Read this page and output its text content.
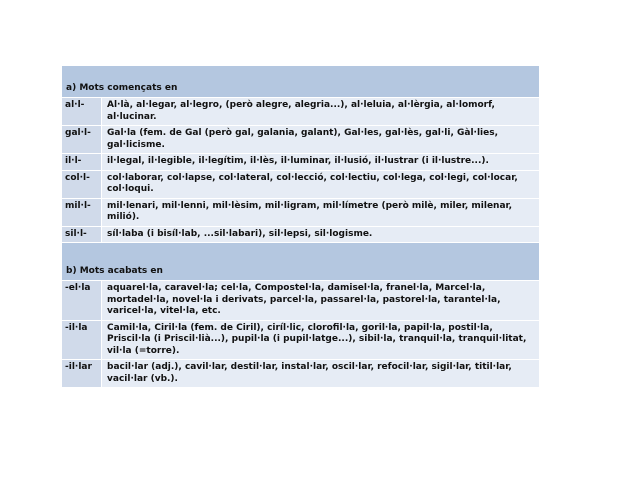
a) Mots començats en
al·l-	Al·là, al·legar, al·legro, (però alegre, alegria...), al·leluia, al·lèrgia, al·lomorf, al·lucinar.
gal·l-	Gal·la (fem. de Gal (però gal, galania, galant), Gal·les, gal·lès, gal·li, Gàl·lies, gal·licisme.
il·l-	il·legal, il·legible, il·legítim, il·lès, il·luminar, il·lusió, il·lustrar (i il·lustre...).
col·l-	col·laborar, col·lapse, col·lateral, col·lecció, col·lectiu, col·lega, col·legi, col·locar, col·loqui.
mil·l-	mil·lenari, mil·lenni, mil·lèsim, mil·ligram, mil·límetre (però milè, miler, milenar, milió).
sil·l-	síl·laba (i bisíl·lab, ...sil·labari), sil·lepsi, sil·logisme.
b) Mots acabats en
-el·la	aquarel·la, caravel·la; cel·la, Compostel·la, damisel·la, franel·la, Marcel·la, mortadel·la, novel·la i derivats, parcel·la, passarel·la, pastorel·la, tarantel·la, varicel·la, vitel·la, etc.
-il·la	Camil·la, Ciril·la (fem. de Ciril), ciríl·lic, clorofil·la, goril·la, papil·la, postil·la, Priscil·la (i Priscil·lià...), pupil·la (i pupil·latge...), sibil·la, tranquil·la, tranquil·litat, vil·la (=torre).
-il·lar	bacil·lar (adj.), cavil·lar, destil·lar, instal·lar, oscil·lar, refocil·lar, sigil·lar, titil·lar, vacil·lar (vb.).
